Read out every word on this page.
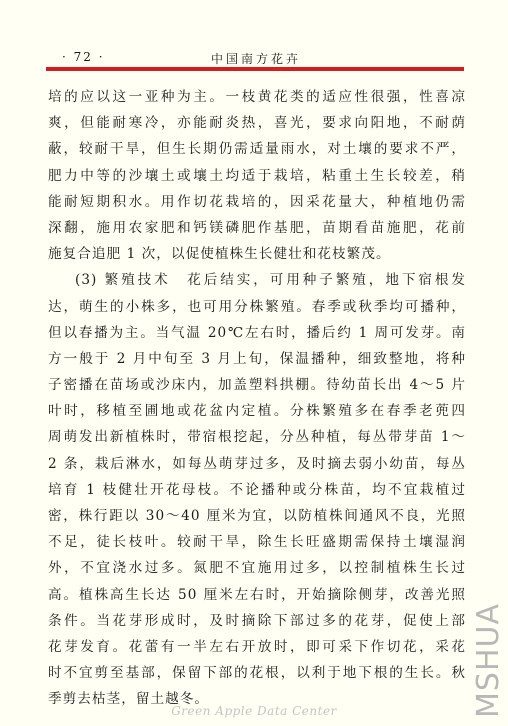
· 72 ·	中国南方花卉
培的应以这一亚种为主。一枝黄花类的适应性很强，性喜凉
爽，但能耐寒冷，亦能耐炎热，喜光，要求向阳地，不耐荫
蔽，较耐干旱，但生长期仍需适量雨水，对土壤的要求不严，
肥力中等的沙壤土或壤土均适于栽培，粘重土生长较差，稍
能耐短期积水。用作切花栽培的，因采花量大，种植地仍需
深翻，施用农家肥和钙镁磷肥作基肥，苗期看苗施肥，花前
施复合追肥 1 次，以促使植株生长健壮和花枝繁茂。
(3) 繁殖技术　花后结实，可用种子繁殖，地下宿根发
达，萌生的小株多，也可用分株繁殖。春季或秋季均可播种，
但以春播为主。当气温 20℃左右时，播后约 1 周可发芽。南
方一般于 2 月中旬至 3 月上旬，保温播种，细致整地，将种
子密播在苗场或沙床内，加盖塑料拱棚。待幼苗长出 4～5 片
叶时，移植至圃地或花盆内定植。分株繁殖多在春季老蔸四
周萌发出新植株时，带宿根挖起，分丛种植，每丛带芽苗 1～
2 条，栽后淋水，如每丛萌芽过多，及时摘去弱小幼苗，每丛
培育 1 枝健壮开花母枝。不论播种或分株苗，均不宜栽植过
密，株行距以 30～40 厘米为宜，以防植株间通风不良，光照
不足，徒长枝叶。较耐干旱，除生长旺盛期需保持土壤湿润
外，不宜浇水过多。氮肥不宜施用过多，以控制植株生长过
高。植株高生长达 50 厘米左右时，开始摘除侧芽，改善光照
条件。当花芽形成时，及时摘除下部过多的花芽，促使上部
花芽发育。花蕾有一半左右开放时，即可采下作切花，采花
时不宜剪至基部，保留下部的花根，以利于地下根的生长。秋
季剪去枯茎，留土越冬。	MSHUA
Green Apple Data Center
